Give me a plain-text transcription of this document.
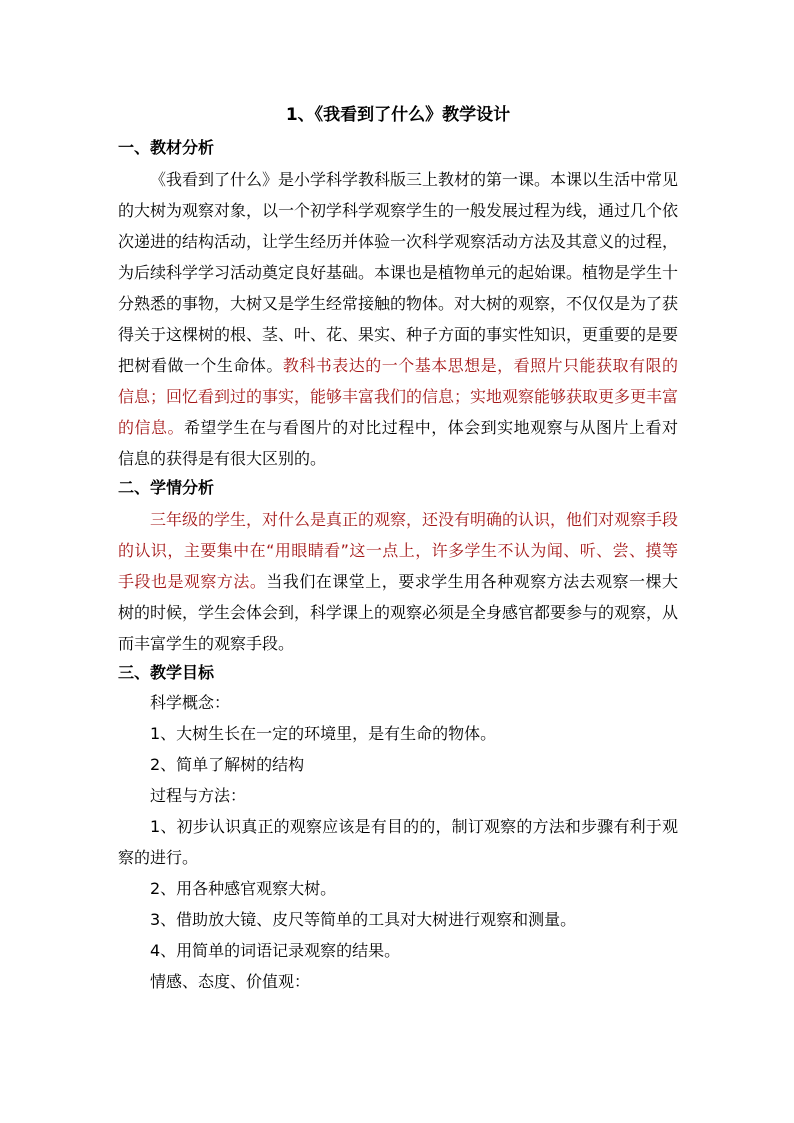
1、《我看到了什么》教学设计
一、教材分析

《我看到了什么》是小学科学教科版三上教材的第一课。本课以生活中常见的大树为观察对象，以一个初学科学观察学生的一般发展过程为线，通过几个依次递进的结构活动，让学生经历并体验一次科学观察活动方法及其意义的过程，为后续科学学习活动奠定良好基础。本课也是植物单元的起始课。植物是学生十分熟悉的事物，大树又是学生经常接触的物体。对大树的观察，不仅仅是为了获得关于这棵树的根、茎、叶、花、果实、种子方面的事实性知识，更重要的是要把树看做一个生命体。教科书表达的一个基本思想是，看照片只能获取有限的信息；回忆看到过的事实，能够丰富我们的信息；实地观察能够获取更多更丰富的信息。希望学生在与看图片的对比过程中，体会到实地观察与从图片上看对信息的获得是有很大区别的。

二、学情分析

三年级的学生，对什么是真正的观察，还没有明确的认识，他们对观察手段的认识，主要集中在“用眼睛看”这一点上，许多学生不认为闻、听、尝、摸等手段也是观察方法。当我们在课堂上，要求学生用各种观察方法去观察一棵大树的时候，学生会体会到，科学课上的观察必须是全身感官都要参与的观察，从而丰富学生的观察手段。

三、教学目标

科学概念：

1、大树生长在一定的环境里，是有生命的物体。

2、简单了解树的结构

过程与方法：

1、初步认识真正的观察应该是有目的的，制订观察的方法和步骤有利于观察的进行。

2、用各种感官观察大树。

3、借助放大镜、皮尺等简单的工具对大树进行观察和测量。

4、用简单的词语记录观察的结果。

情感、态度、价值观：
